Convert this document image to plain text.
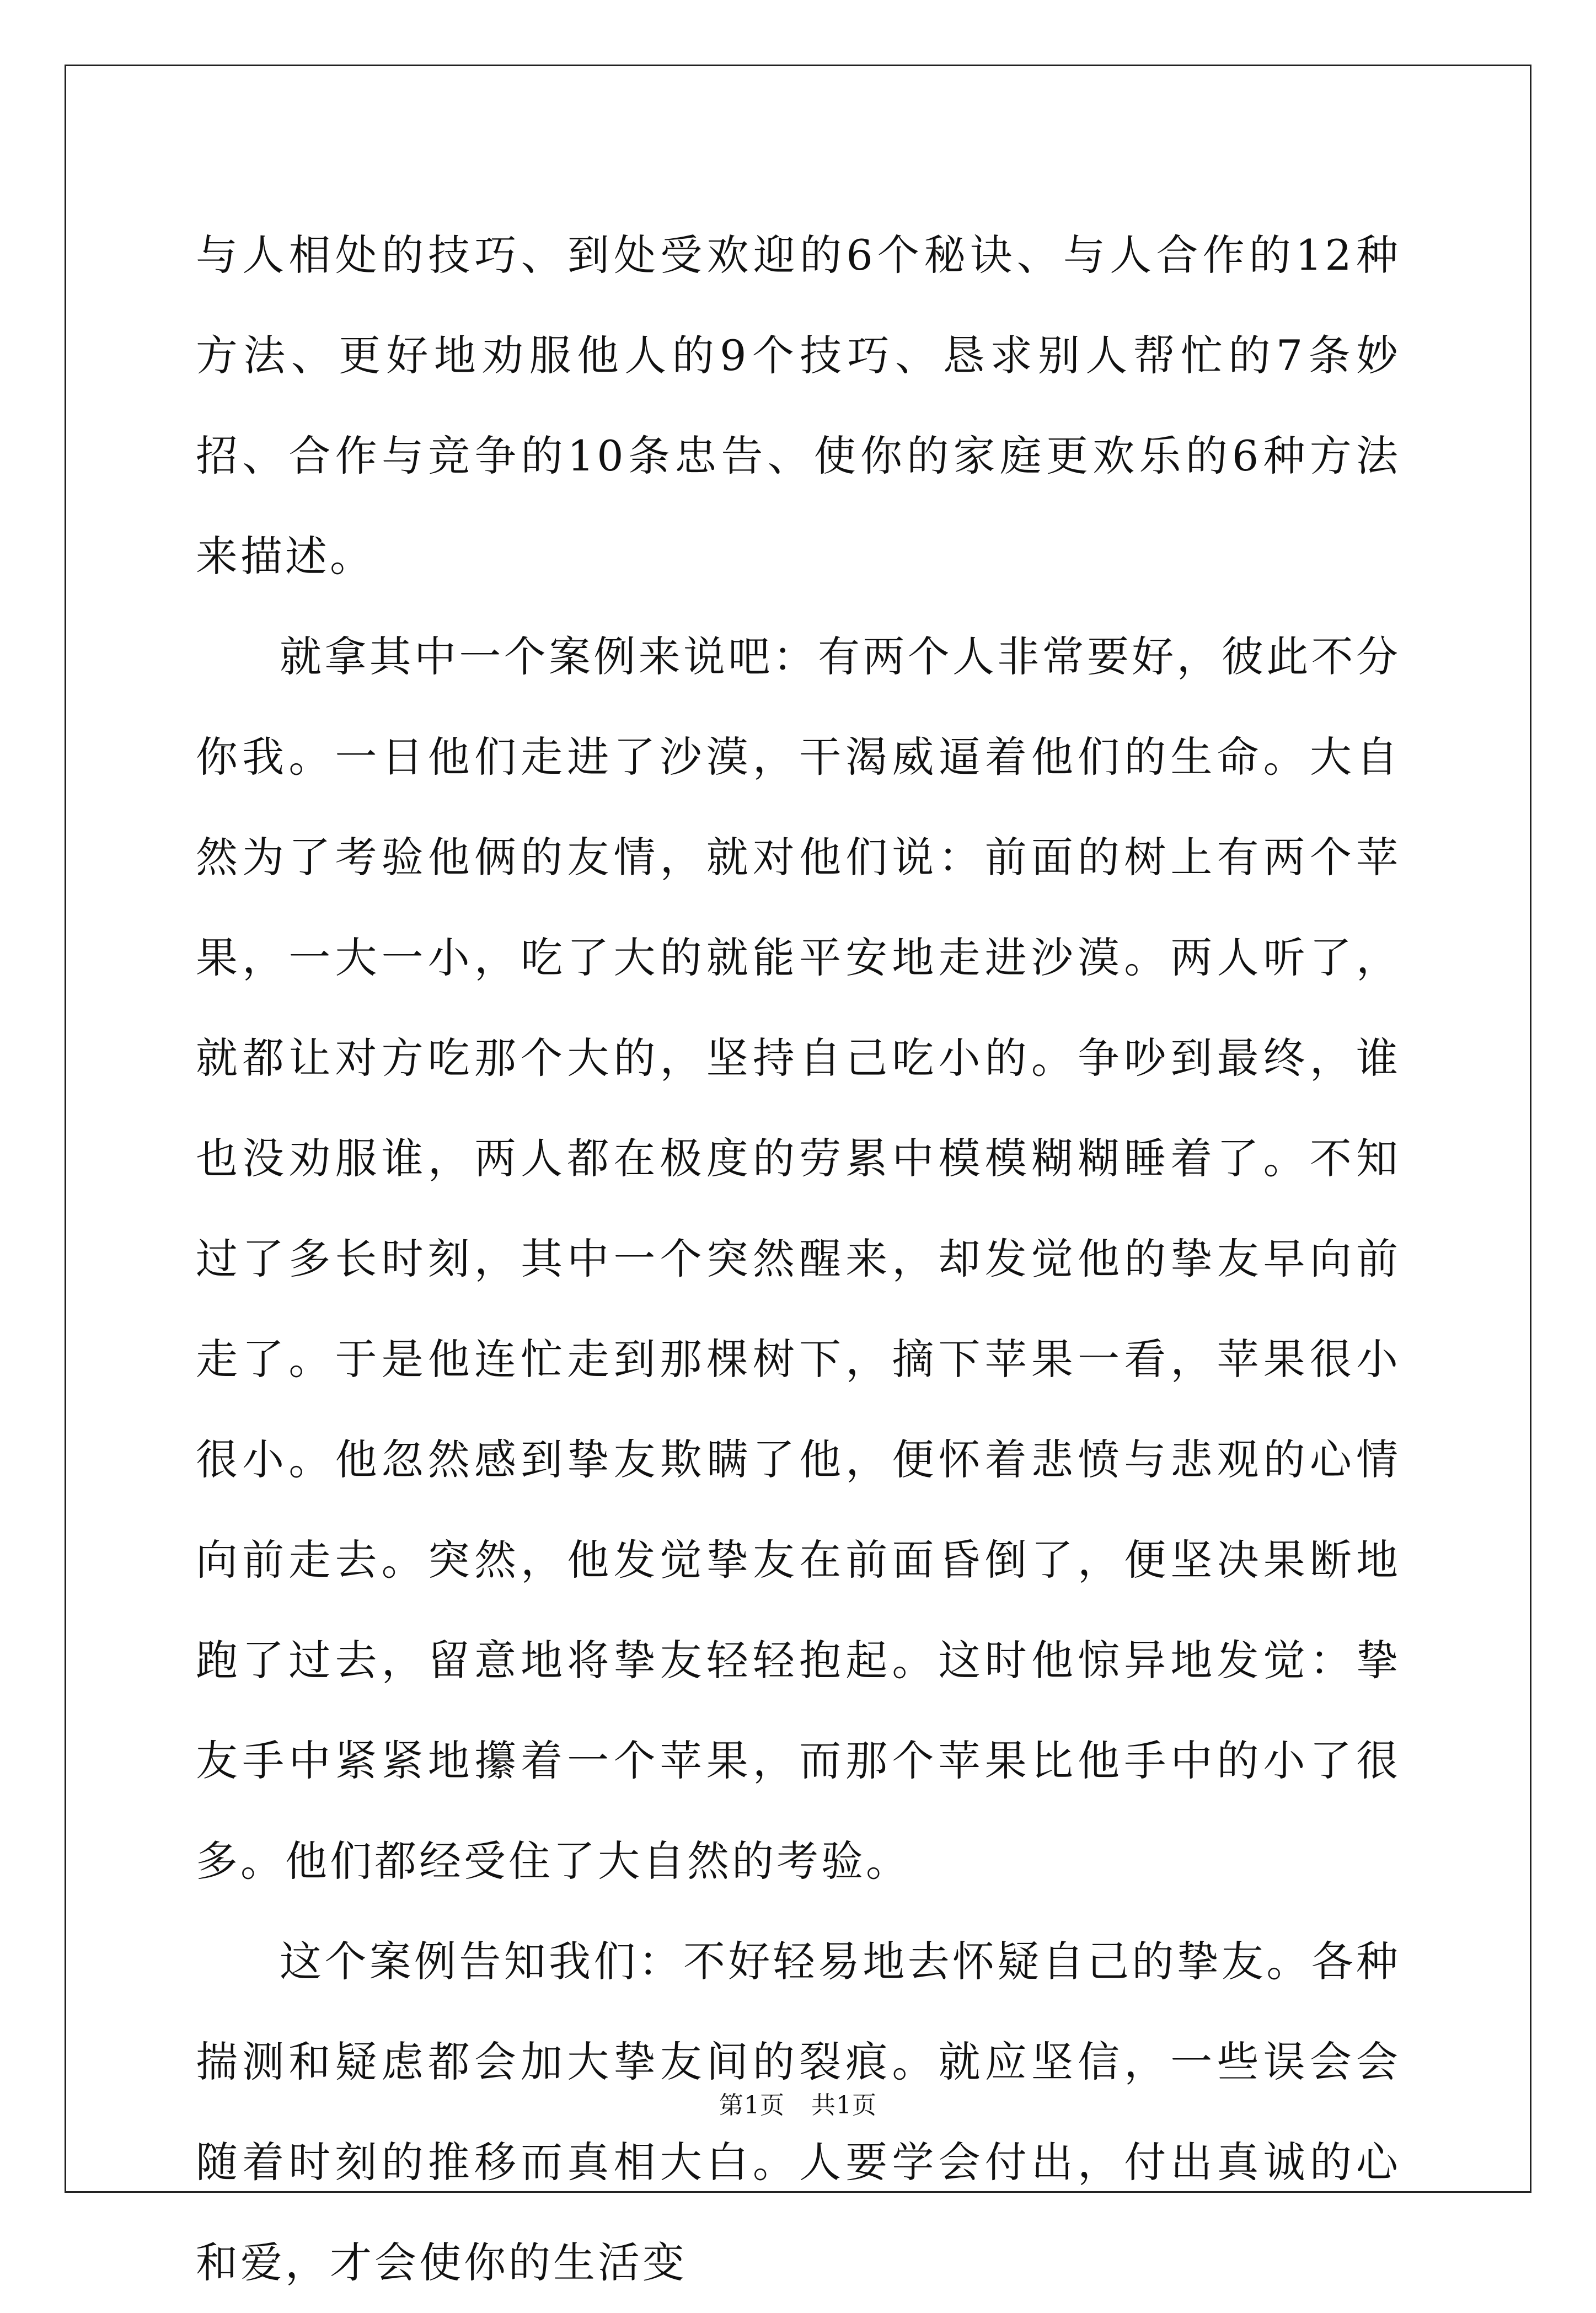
与人相处的技巧、到处受欢迎的6个秘诀、与人合作的12种方法、更好地劝服他人的9个技巧、恳求别人帮忙的7条妙招、合作与竞争的10条忠告、使你的家庭更欢乐的6种方法来描述。

就拿其中一个案例来说吧：有两个人非常要好，彼此不分你我。一日他们走进了沙漠，干渴威逼着他们的生命。大自然为了考验他俩的友情，就对他们说：前面的树上有两个苹果，一大一小，吃了大的就能平安地走进沙漠。两人听了，就都让对方吃那个大的，坚持自己吃小的。争吵到最终，谁也没劝服谁，两人都在极度的劳累中模模糊糊睡着了。不知过了多长时刻，其中一个突然醒来，却发觉他的挚友早向前走了。于是他连忙走到那棵树下，摘下苹果一看，苹果很小很小。他忽然感到挚友欺瞒了他，便怀着悲愤与悲观的心情向前走去。突然，他发觉挚友在前面昏倒了，便坚决果断地跑了过去，留意地将挚友轻轻抱起。这时他惊异地发觉：挚友手中紧紧地攥着一个苹果，而那个苹果比他手中的小了很多。他们都经受住了大自然的考验。

这个案例告知我们：不好轻易地去怀疑自己的挚友。各种揣测和疑虑都会加大挚友间的裂痕。就应坚信，一些误会会随着时刻的推移而真相大白。人要学会付出，付出真诚的心和爱，才会使你的生活变

第1页 共1页
